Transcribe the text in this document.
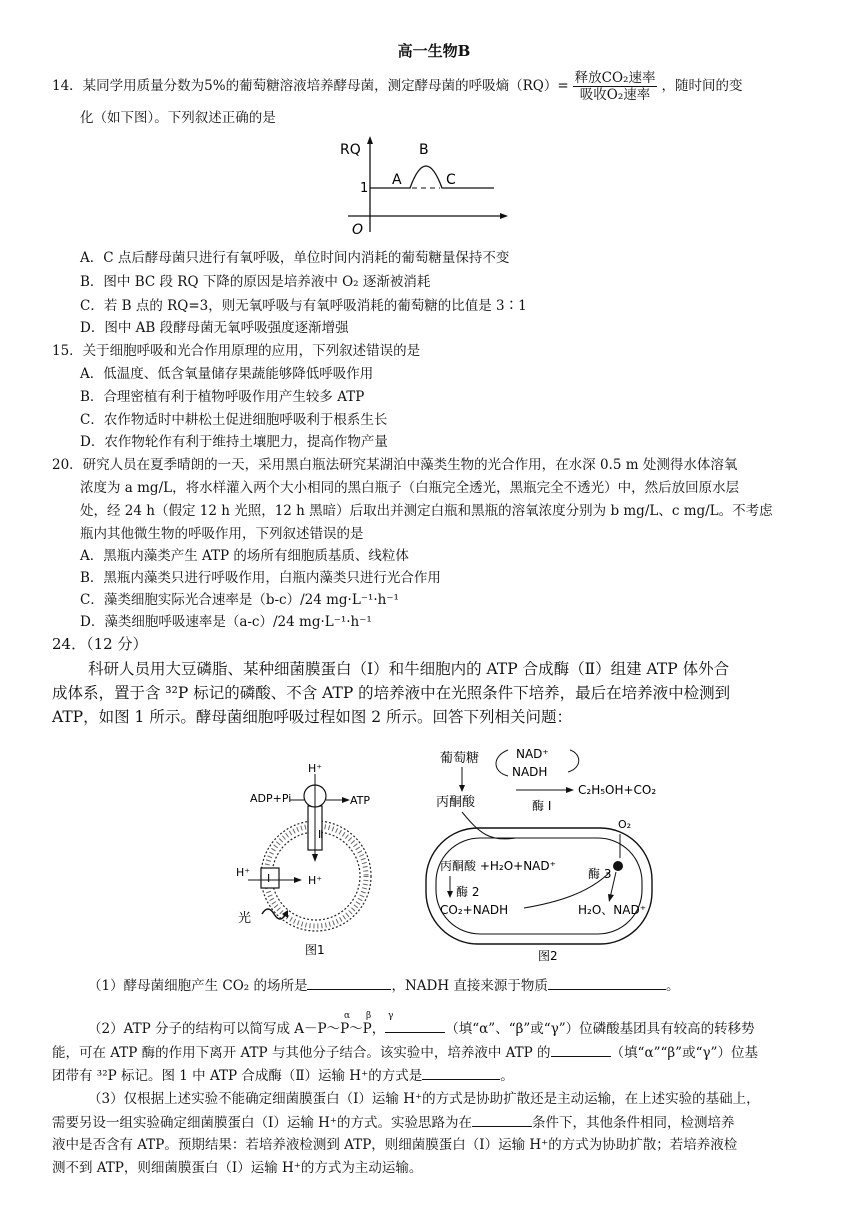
高一生物B
14．某同学用质量分数为5%的葡萄糖溶液培养酵母菌，测定酵母菌的呼吸熵$(RQ)= \frac{\text{释放CO₂速率}}{\text{吸收O₂速率}}$ ，随时间的变
化（如下图）。下列叙述正确的是
RQ
O
1
A
B
C
A．C 点后酵母菌只进行有氧呼吸，单位时间内消耗的葡萄糖量保持不变
B．图中 BC 段 RQ 下降的原因是培养液中 O₂ 逐渐被消耗
C．若 B 点的 RQ=3，则无氧呼吸与有氧呼吸消耗的葡萄糖的比值是 3∶1
D．图中 AB 段酵母菌无氧呼吸强度逐渐增强
15．关于细胞呼吸和光合作用原理的应用，下列叙述错误的是
A．低温度、低含氧量储存果蔬能够降低呼吸作用
B．合理密植有利于植物呼吸作用产生较多 ATP
C．农作物适时中耕松土促进细胞呼吸利于根系生长
D．农作物轮作有利于维持土壤肥力，提高作物产量
20．研究人员在夏季晴朗的一天，采用黑白瓶法研究某湖泊中藻类生物的光合作用，在水深 0.5 m 处测得水体溶氧
浓度为 a mg/L，将水样灌入两个大小相同的黑白瓶子（白瓶完全透光，黑瓶完全不透光）中，然后放回原水层
处，经 24 h（假定 12 h 光照，12 h 黑暗）后取出并测定白瓶和黑瓶的溶氧浓度分别为 b mg/L、c mg/L。不考虑
瓶内其他微生物的呼吸作用，下列叙述错误的是
A．黑瓶内藻类产生 ATP 的场所有细胞质基质、线粒体
B．黑瓶内藻类只进行呼吸作用，白瓶内藻类只进行光合作用
C．藻类细胞实际光合速率是（b-c）/24 mg·L⁻¹·h⁻¹
D．藻类细胞呼吸速率是（a-c）/24 mg·L⁻¹·h⁻¹
24．（12 分）
科研人员用大豆磷脂、某种细菌膜蛋白（I）和牛细胞内的 ATP 合成酶（Ⅱ）组建 ATP 体外合
成体系，置于含 ³²P 标记的磷酸、不含 ATP 的培养液中在光照条件下培养，最后在培养液中检测到
ATP，如图 1 所示。酵母菌细胞呼吸过程如图 2 所示。回答下列相关问题：
Ⅱ
H⁺
ADP+Pi	ATP
I
H⁺
H⁺
光
图1
葡萄糖
丙酮酸
NAD⁺
NADH
C₂H₅OH+CO₂
酶 I
O₂
丙酮酸 +H₂O+NAD⁺
酶 2
CO₂+NADH
酶 3
H₂O、NAD⁺
图2
（1）酵母菌细胞产生 CO₂ 的场所是	，NADH 直接来源于物质	。
（2）ATP 分子的结构可以简写成 A－P～P～P，	（填“α”、“β”或“γ”）位磷酸基团具有较高的转移势
α β γ
能，可在 ATP 酶的作用下离开 ATP 与其他分子结合。该实验中，培养液中 ATP 的	（填“α”“β”或“γ”）位基
团带有 ³²P 标记。图 1 中 ATP 合成酶（Ⅱ）运输 H⁺的方式是	。
（3）仅根据上述实验不能确定细菌膜蛋白（I）运输 H⁺的方式是协助扩散还是主动运输，在上述实验的基础上，
需要另设一组实验确定细菌膜蛋白（I）运输 H⁺的方式。实验思路为在	条件下，其他条件相同，检测培养
液中是否含有 ATP。预期结果：若培养液检测到 ATP，则细菌膜蛋白（I）运输 H⁺的方式为协助扩散；若培养液检
测不到 ATP，则细菌膜蛋白（I）运输 H⁺的方式为主动运输。
